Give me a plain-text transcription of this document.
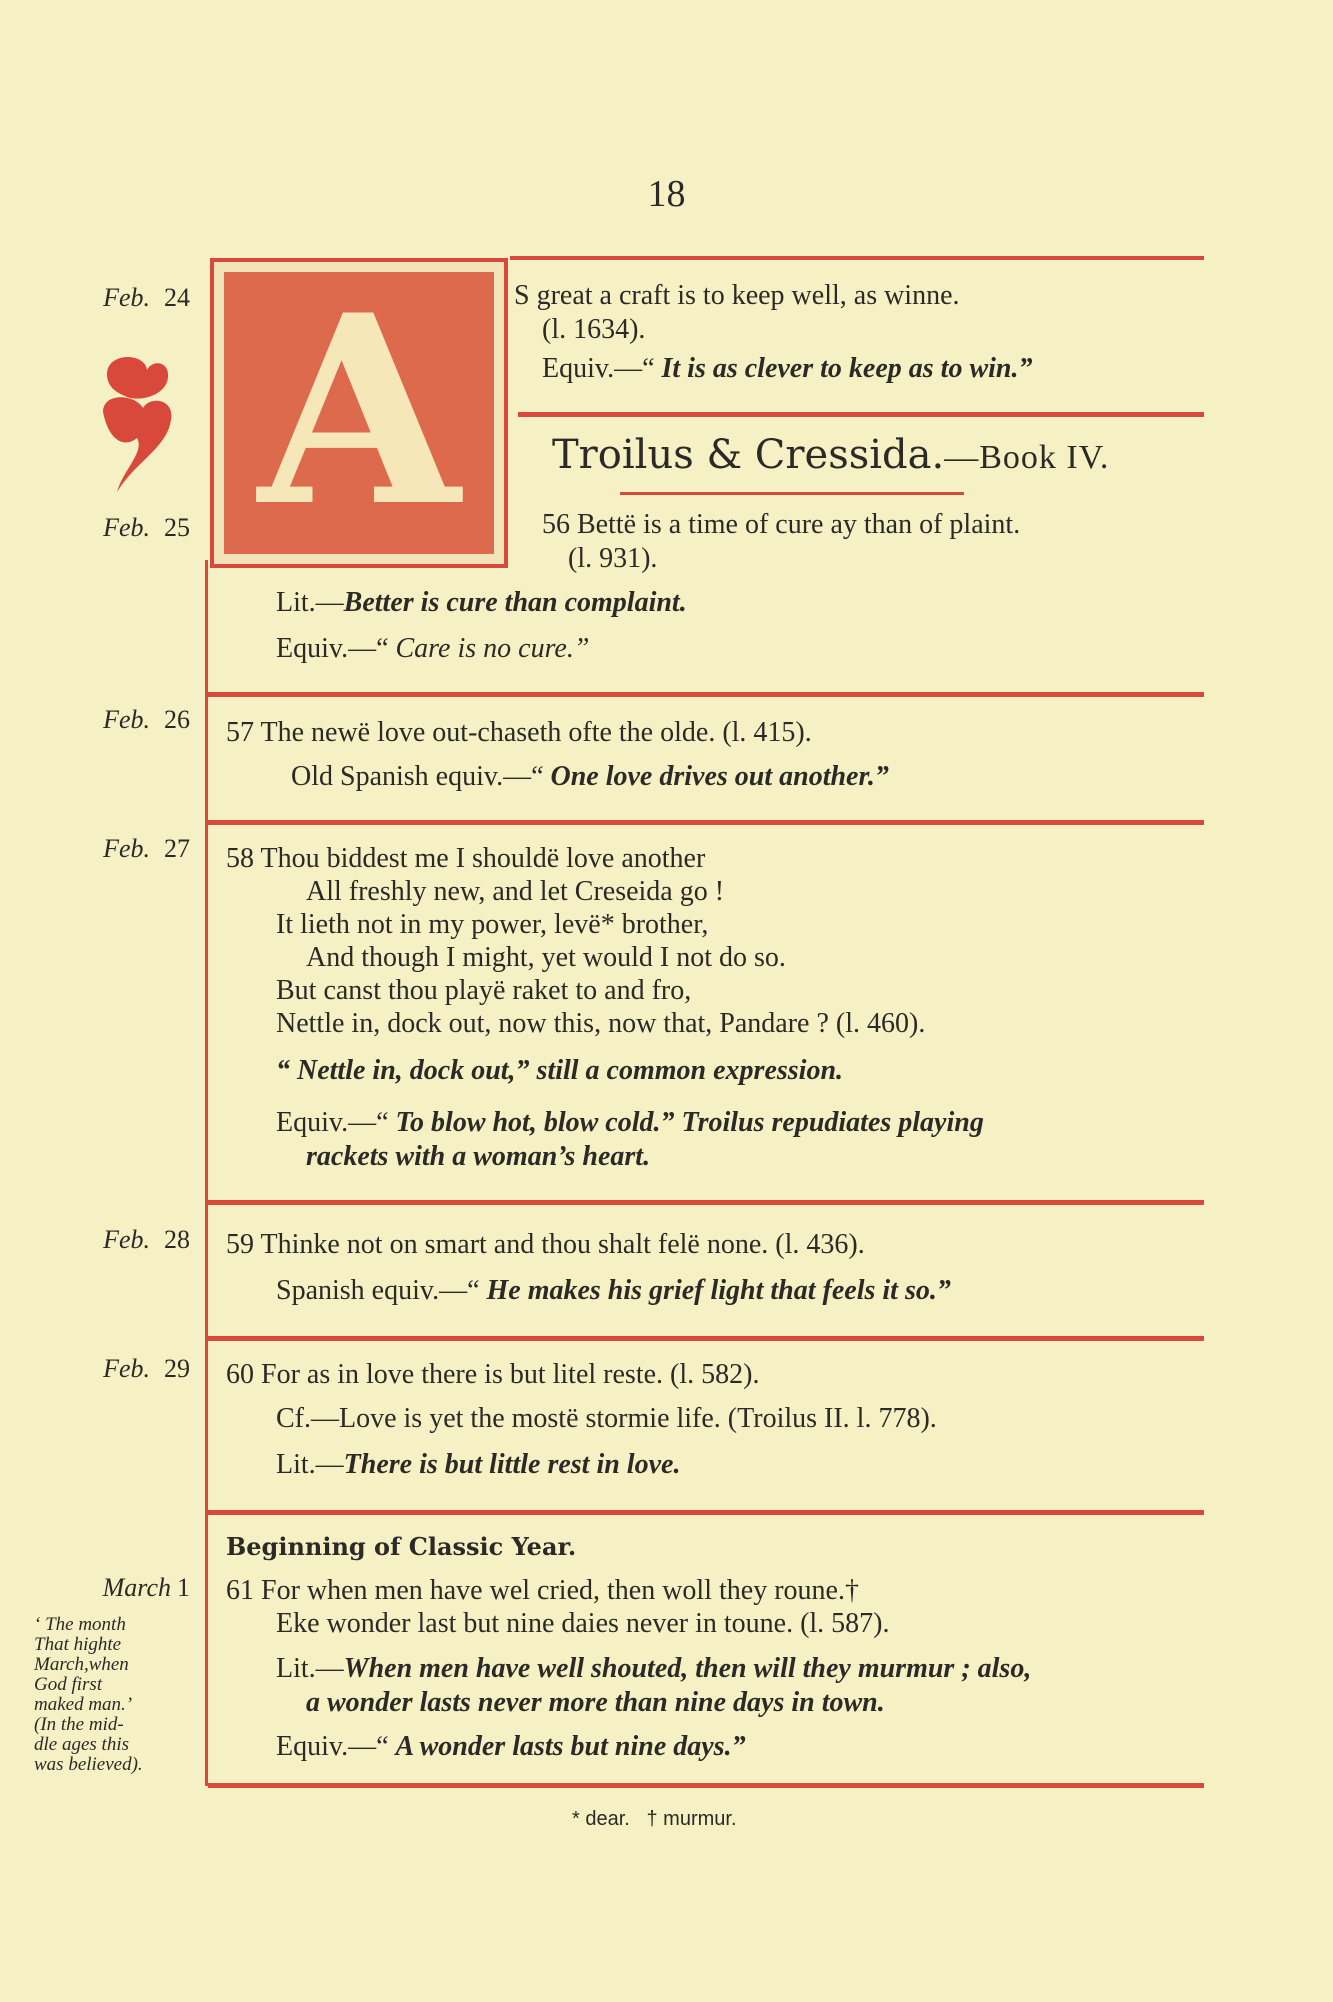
18
Feb. 24
Feb. 25
Feb. 26
Feb. 27
Feb. 28
Feb. 29
March 1
‘ The month
That highte
March,when
God first
maked man.’
(In the mid-
dle ages this
was believed).
A	S great a craft is to keep well, as winne.
(l. 1634).
Equiv.—“ It is as clever to keep as to win.”
Troilus & Cressida.—Book IV.
56 Bettë is a time of cure ay than of plaint.
(l. 931).
Lit.—Better is cure than complaint.
Equiv.—“ Care is no cure.”
57 The newë love out-chaseth ofte the olde. (l. 415).
Old Spanish equiv.—“ One love drives out another.”
58 Thou biddest me I shouldë love another
All freshly new, and let Creseida go !
It lieth not in my power, levë* brother,
And though I might, yet would I not do so.
But canst thou playë raket to and fro,
Nettle in, dock out, now this, now that, Pandare ? (l. 460).
“ Nettle in, dock out,” still a common expression.
Equiv.—“ To blow hot, blow cold.” Troilus repudiates playing
rackets with a woman’s heart.
59 Thinke not on smart and thou shalt felë none. (l. 436).
Spanish equiv.—“ He makes his grief light that feels it so.”
60 For as in love there is but litel reste. (l. 582).
Cf.—Love is yet the mostë stormie life. (Troilus II. l. 778).
Lit.—There is but little rest in love.
Beginning of Classic Year.
61 For when men have wel cried, then woll they roune.†
Eke wonder last but nine daies never in toune. (l. 587).
Lit.—When men have well shouted, then will they murmur ; also,
a wonder lasts never more than nine days in town.
Equiv.—“ A wonder lasts but nine days.”
* dear.   † murmur.
